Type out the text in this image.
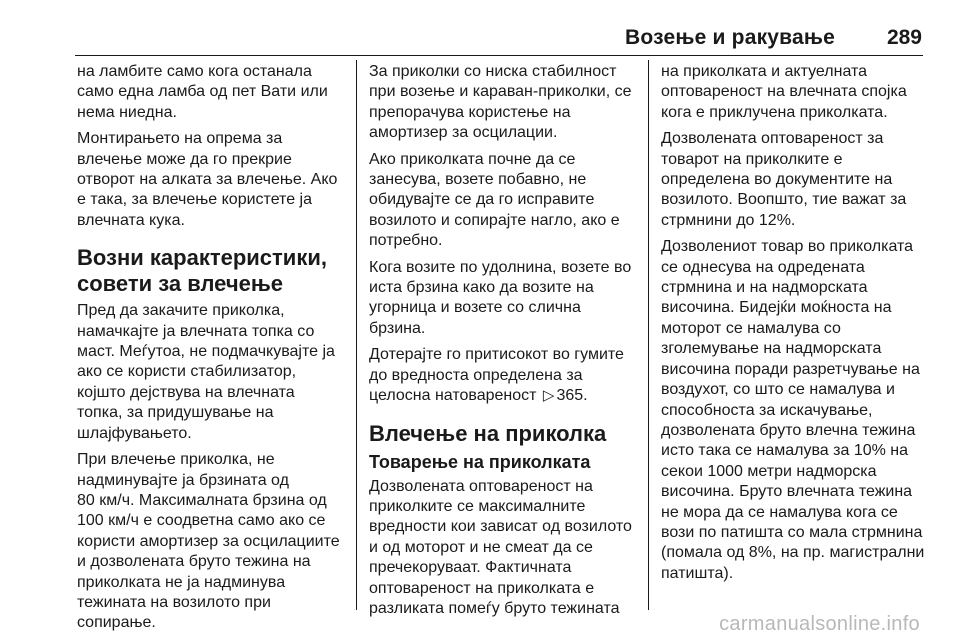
Возење и ракување 289

на ламбите само кога останала
само една ламба од пет Вати или
нема ниедна.

Монтирањето на опрема за
влечење може да го прекрие
отворот на алката за влечење. Ако
е така, за влечење користете ја
влечната кука.

Возни карактеристики,
совети за влечење

Пред да закачите приколка,
намачкајте ја влечната топка со
маст. Меѓутоа, не подмачкувајте ја
ако се користи стабилизатор,
којшто дејствува на влечната
топка, за придушување на
шлајфувањето.

При влечење приколка, не
надминувајте ја брзината од
80 км/ч. Максималната брзина од
100 км/ч е соодветна само ако се
користи амортизер за осцилациите
и дозволената бруто тежина на
приколката не ја надминува
тежината на возилото при
сопирање.

За приколки со ниска стабилност
при возење и караван-приколки, се
препорачува користење на
амортизер за осцилации.

Ако приколката почне да се
занесува, возете побавно, не
обидувајте се да го исправите
возилото и сопирајте нагло, ако е
потребно.

Кога возите по удолнина, возете во
иста брзина како да возите на
угорница и возете со слична
брзина.

Дотерајте го притисокот во гумите
до вредноста определена за
целосна натовареност ▷ 365.

Влечење на приколка
Товарење на приколката

Дозволената оптовареност на
приколките се максималните
вредности кои зависат од возилото
и од моторот и не смеат да се
пречекоруваат. Фактичната
оптовареност на приколката е
разликата помеѓу бруто тежината

на приколката и актуелната
оптовареност на влечната спојка
кога е приклучена приколката.

Дозволената оптовареност за
товарот на приколките е
определена во документите на
возилото. Воопшто, тие важат за
стрмнини до 12%.

Дозволениот товар во приколката
се однесува на одредената
стрмнина и на надморската
височина. Бидејќи моќноста на
моторот се намалува со
зголемување на надморската
височина поради разретчување на
воздухот, со што се намалува и
способноста за искачување,
дозволената бруто влечна тежина
исто така се намалува за 10% на
секои 1000 метри надморска
височина. Бруто влечната тежина
не мора да се намалува кога се
вози по патишта со мала стрмнина
(помала од 8%, на пр. магистрални
патишта).

carmanualsonline.info
